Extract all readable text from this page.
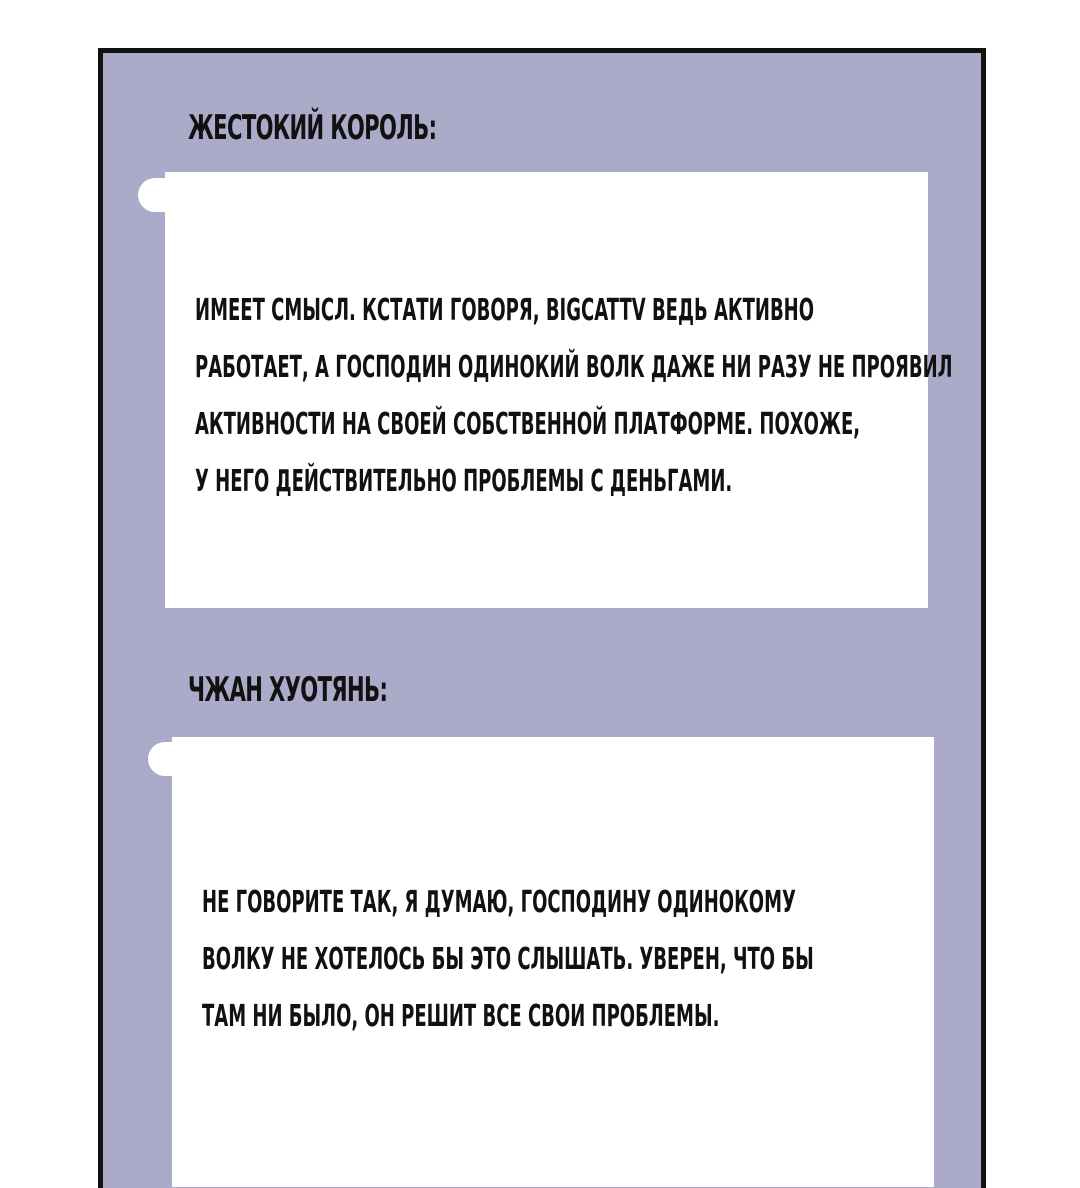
ЖЕСТОКИЙ КОРОЛЬ:
ИМЕЕТ СМЫСЛ. КСТАТИ ГОВОРЯ, BIGCATTV ВЕДЬ АКТИВНО
РАБОТАЕТ, А ГОСПОДИН ОДИНОКИЙ ВОЛК ДАЖЕ НИ РАЗУ НЕ ПРОЯВИЛ
АКТИВНОСТИ НА СВОЕЙ СОБСТВЕННОЙ ПЛАТФОРМЕ. ПОХОЖЕ,
У НЕГО ДЕЙСТВИТЕЛЬНО ПРОБЛЕМЫ С ДЕНЬГАМИ.
ЧЖАН ХУОТЯНЬ:
НЕ ГОВОРИТЕ ТАК, Я ДУМАЮ, ГОСПОДИНУ ОДИНОКОМУ
ВОЛКУ НЕ ХОТЕЛОСЬ БЫ ЭТО СЛЫШАТЬ. УВЕРЕН, ЧТО БЫ
ТАМ НИ БЫЛО, ОН РЕШИТ ВСЕ СВОИ ПРОБЛЕМЫ.
